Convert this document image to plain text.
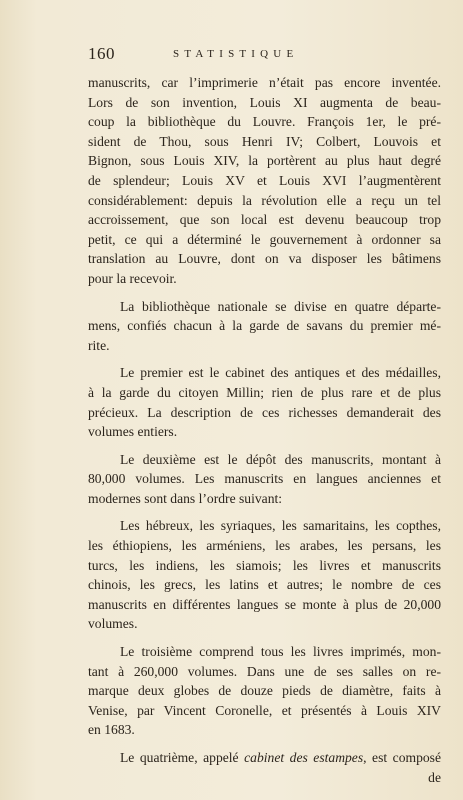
160	STATISTIQUE
manuscrits, car l’imprimerie n’était pas encore inventée.
Lors de son invention, Louis XI augmenta de beau-
coup la bibliothèque du Louvre. François 1er, le pré-
sident de Thou, sous Henri IV; Colbert, Louvois et
Bignon, sous Louis XIV, la portèrent au plus haut degré
de splendeur; Louis XV et Louis XVI l’augmentèrent
considérablement: depuis la révolution elle a reçu un tel
accroissement, que son local est devenu beaucoup trop
petit, ce qui a déterminé le gouvernement à ordonner sa
translation au Louvre, dont on va disposer les bâtimens
pour la recevoir.
La bibliothèque nationale se divise en quatre départe-
mens, confiés chacun à la garde de savans du premier mé-
rite.
Le premier est le cabinet des antiques et des médailles,
à la garde du citoyen Millin; rien de plus rare et de plus
précieux. La description de ces richesses demanderait des
volumes entiers.
Le deuxième est le dépôt des manuscrits, montant à
80,000 volumes. Les manuscrits en langues anciennes et
modernes sont dans l’ordre suivant:
Les hébreux, les syriaques, les samaritains, les copthes,
les éthiopiens, les arméniens, les arabes, les persans, les
turcs, les indiens, les siamois; les livres et manuscrits
chinois, les grecs, les latins et autres; le nombre de ces
manuscrits en différentes langues se monte à plus de 20,000
volumes.
Le troisième comprend tous les livres imprimés, mon-
tant à 260,000 volumes. Dans une de ses salles on re-
marque deux globes de douze pieds de diamètre, faits à
Venise, par Vincent Coronelle, et présentés à Louis XIV
en 1683.
Le quatrième, appelé cabinet des estampes, est composé
de
